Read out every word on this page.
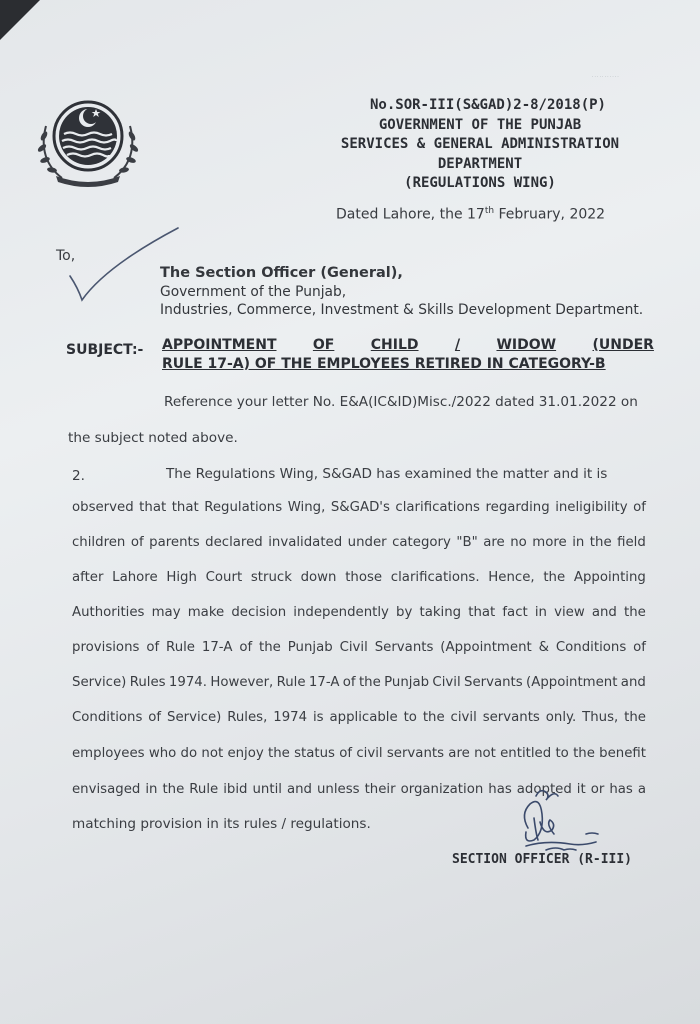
· · · · · · · · · · ·
No.SOR-III(S&GAD)2-8/2018(P)
GOVERNMENT OF THE PUNJAB
SERVICES & GENERAL ADMINISTRATION
DEPARTMENT
(REGULATIONS WING)
Dated Lahore, the 17th February, 2022
To,
The Section Officer (General),
Government of the Punjab,
Industries, Commerce, Investment & Skills Development Department.
SUBJECT:- APPOINTMENT	OF	CHILD	/	WIDOW	(UNDER
RULE 17-A) OF THE EMPLOYEES RETIRED IN CATEGORY-B
Reference your letter No. E&A(IC&ID)Misc./2022 dated 31.01.2022 on
the subject noted above.
2.	The Regulations Wing, S&GAD has examined the matter and it is
observed that that Regulations Wing, S&GAD's clarifications regarding ineligibility of
children of parents declared invalidated under category "B" are no more in the field
after Lahore High Court struck down those clarifications. Hence, the Appointing
Authorities may make decision independently by taking that fact in view and the
provisions of Rule 17-A of the Punjab Civil Servants (Appointment & Conditions of
Service) Rules 1974. However, Rule 17-A of the Punjab Civil Servants (Appointment and
Conditions of Service) Rules, 1974 is applicable to the civil servants only. Thus, the
employees who do not enjoy the status of civil servants are not entitled to the benefit
envisaged in the Rule ibid until and unless their organization has adopted it or has a
matching provision in its rules / regulations.
SECTION OFFICER (R-III)
